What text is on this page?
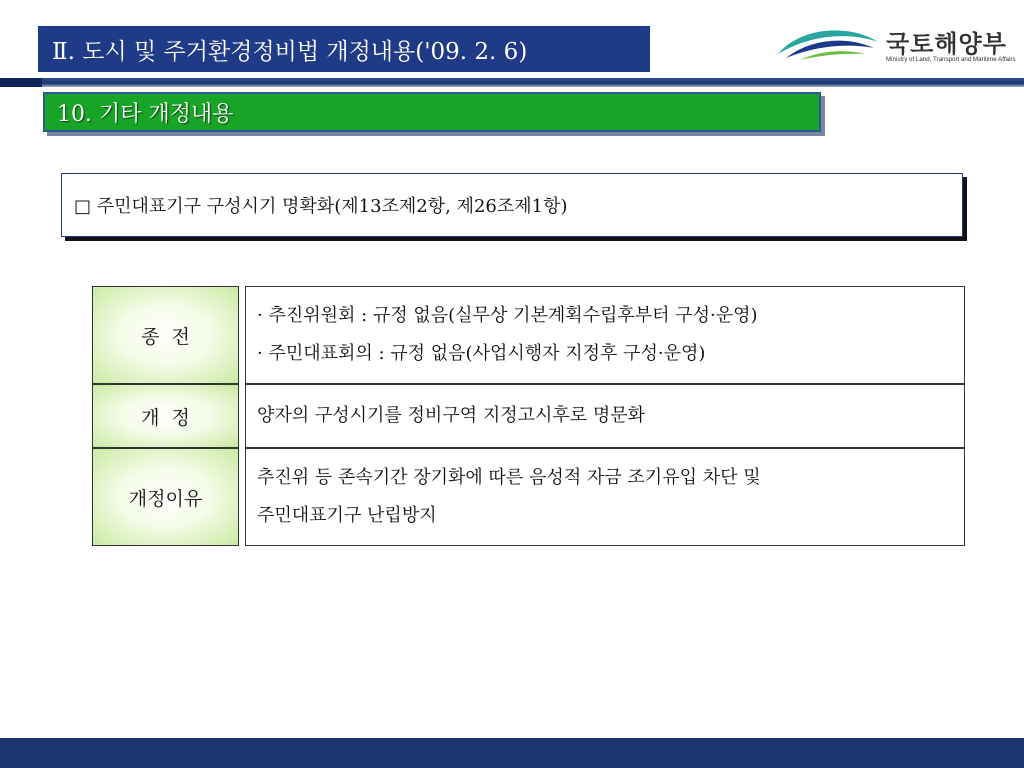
Ⅱ. 도시 및 주거환경정비법 개정내용('09. 2. 6)	국토해양부
Ministry of Land, Transport and Maritime Affairs
10. 기타 개정내용
□ 주민대표기구 구성시기 명확화(제13조제2항, 제26조제1항)
종  전
· 추진위원회 : 규정 없음(실무상 기본계획수립후부터 구성·운영)
· 주민대표회의 : 규정 없음(사업시행자 지정후 구성·운영)
개  정	양자의 구성시기를 정비구역 지정고시후로 명문화
개정이유
추진위 등 존속기간 장기화에 따른 음성적 자금 조기유입 차단 및
주민대표기구 난립방지
